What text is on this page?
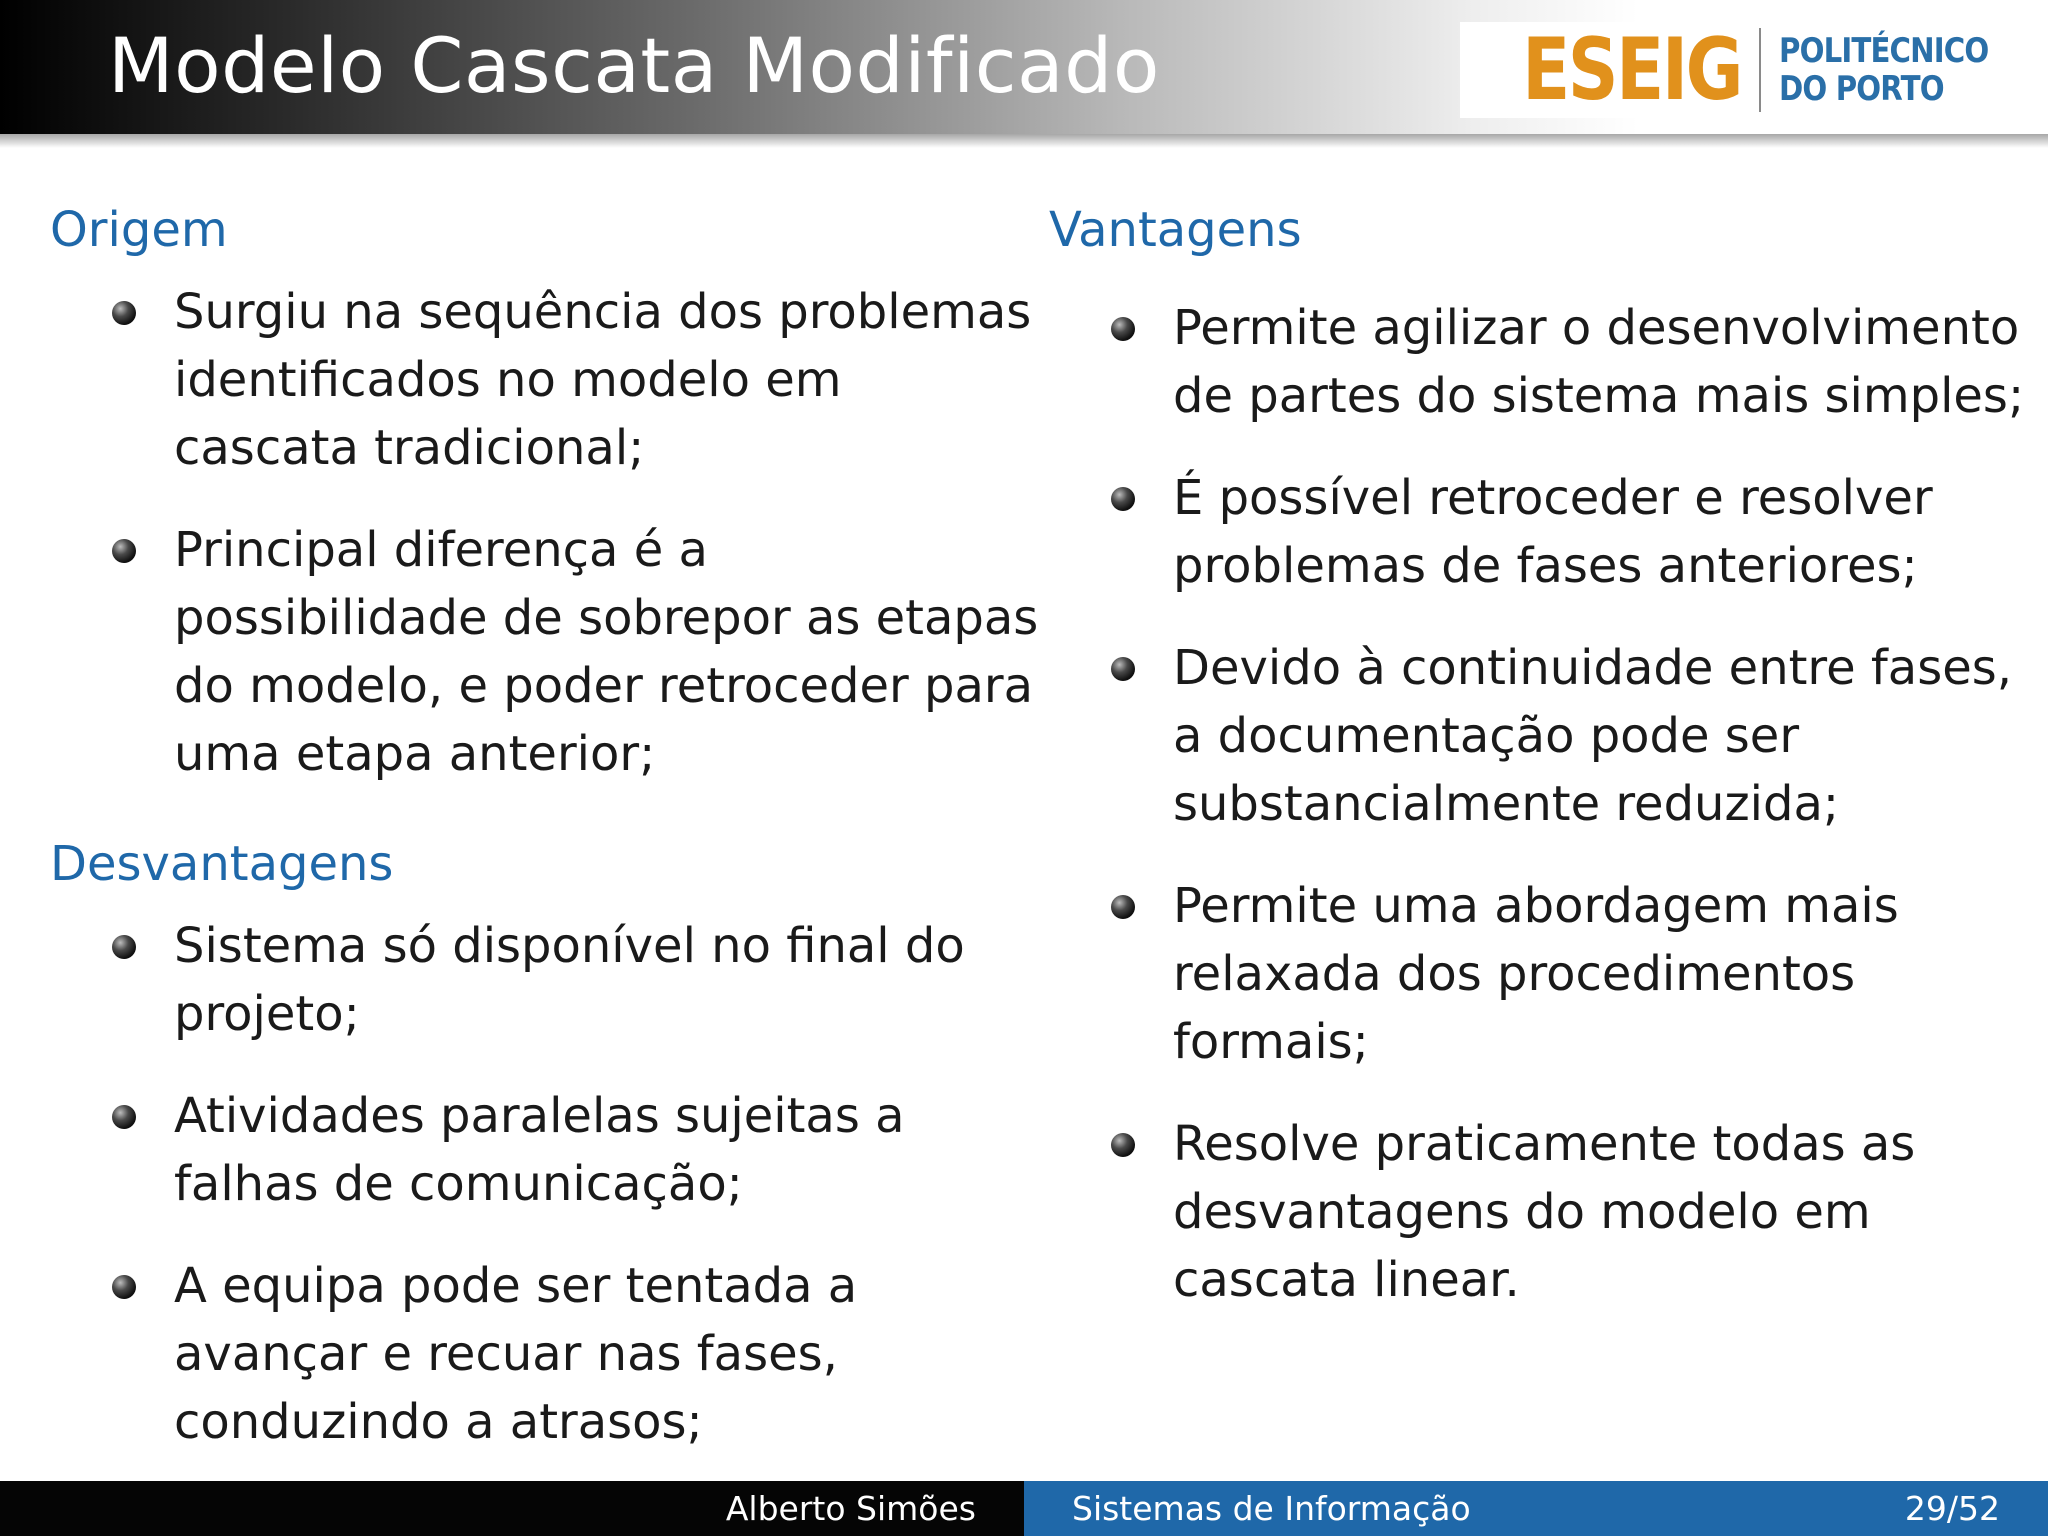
Modelo Cascata Modificado	ESEIG POLITÉCNICO
DO PORTO
Origem
Surgiu na sequência dos problemas
identificados no modelo em
cascata tradicional;
Principal diferença é a
possibilidade de sobrepor as etapas
do modelo, e poder retroceder para
uma etapa anterior;
Desvantagens
Sistema só disponível no final do
projeto;
Atividades paralelas sujeitas a
falhas de comunicação;
A equipa pode ser tentada a
avançar e recuar nas fases,
conduzindo a atrasos;
Vantagens
Permite agilizar o desenvolvimento
de partes do sistema mais simples;
É possível retroceder e resolver
problemas de fases anteriores;
Devido à continuidade entre fases,
a documentação pode ser
substancialmente reduzida;
Permite uma abordagem mais
relaxada dos procedimentos
formais;
Resolve praticamente todas as
desvantagens do modelo em
cascata linear.
Alberto Simões	Sistemas de Informação	29/52
